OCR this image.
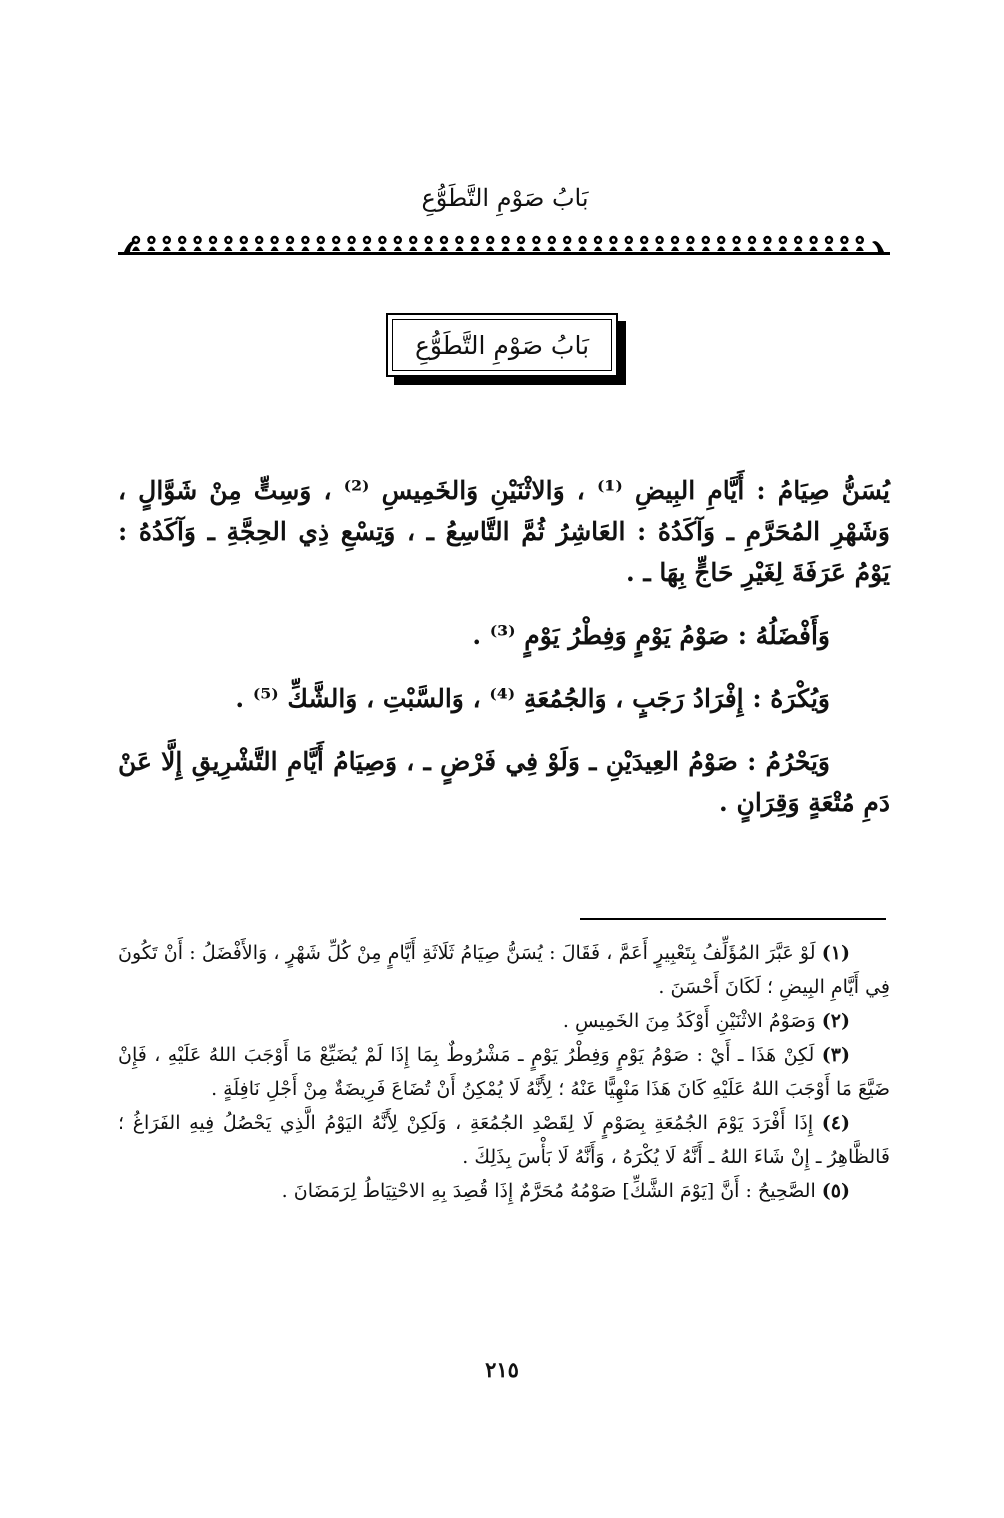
بَابُ صَوْمِ التَّطَوُّعِ
بَابُ صَوْمِ التَّطَوُّعِ

يُسَنُّ صِيَامُ : أَيَّامِ البِيضِ ⁽¹⁾ ، وَالاثْنَيْنِ وَالخَمِيسِ ⁽²⁾ ، وَسِتٍّ مِنْ شَوَّالٍ ، وَشَهْرِ المُحَرَّمِ ـ وَآكَدُهُ : العَاشِرُ ثُمَّ التَّاسِعُ ـ ، وَتِسْعِ ذِي الحِجَّةِ ـ وَآكَدُهُ : يَوْمُ عَرَفَةَ لِغَيْرِ حَاجٍّ بِهَا ـ .

وَأَفْضَلُهُ : صَوْمُ يَوْمٍ وَفِطْرُ يَوْمٍ ⁽³⁾ .

وَيُكْرَهُ : إِفْرَادُ رَجَبٍ ، وَالجُمُعَةِ ⁽⁴⁾ ، وَالسَّبْتِ ، وَالشَّكِّ ⁽⁵⁾ .

وَيَحْرُمُ : صَوْمُ العِيدَيْنِ ـ وَلَوْ فِي فَرْضٍ ـ ، وَصِيَامُ أَيَّامِ التَّشْرِيقِ إِلَّا عَنْ دَمِ مُتْعَةٍ وَقِرَانٍ .

(١) لَوْ عَبَّرَ المُؤَلِّفُ بِتَعْبِيرٍ أَعَمَّ ، فَقَالَ : يُسَنُّ صِيَامُ ثَلَاثَةِ أَيَّامٍ مِنْ كُلِّ شَهْرٍ ، وَالأَفْضَلُ : أَنْ تَكُونَ فِي أَيَّامِ البِيضِ ؛ لَكَانَ أَحْسَنَ .

(٢) وَصَوْمُ الاثْنَيْنِ أَوْكَدُ مِنَ الخَمِيسِ .

(٣) لَكِنْ هَذَا ـ أَيْ : صَوْمُ يَوْمٍ وَفِطْرُ يَوْمٍ ـ مَشْرُوطٌ بِمَا إِذَا لَمْ يُضَيِّعْ مَا أَوْجَبَ اللهُ عَلَيْهِ ، فَإِنْ ضَيَّعَ مَا أَوْجَبَ اللهُ عَلَيْهِ كَانَ هَذَا مَنْهِيًّا عَنْهُ ؛ لِأَنَّهُ لَا يُمْكِنُ أَنْ تُضَاعَ فَرِيضَةٌ مِنْ أَجْلِ نَافِلَةٍ .

(٤) إِذَا أَفْرَدَ يَوْمَ الجُمُعَةِ بِصَوْمٍ لَا لِقَصْدِ الجُمُعَةِ ، وَلَكِنْ لِأَنَّهُ اليَوْمُ الَّذِي يَحْصُلُ فِيهِ الفَرَاغُ ؛ فَالظَّاهِرُ ـ إِنْ شَاءَ اللهُ ـ أَنَّهُ لَا يُكْرَهُ ، وَأَنَّهُ لَا بَأْسَ بِذَلِكَ .

(٥) الصَّحِيحُ : أَنَّ [يَوْمَ الشَّكِّ] صَوْمُهُ مُحَرَّمٌ إِذَا قُصِدَ بِهِ الاحْتِيَاطُ لِرَمَضَانَ .

٢١٥
